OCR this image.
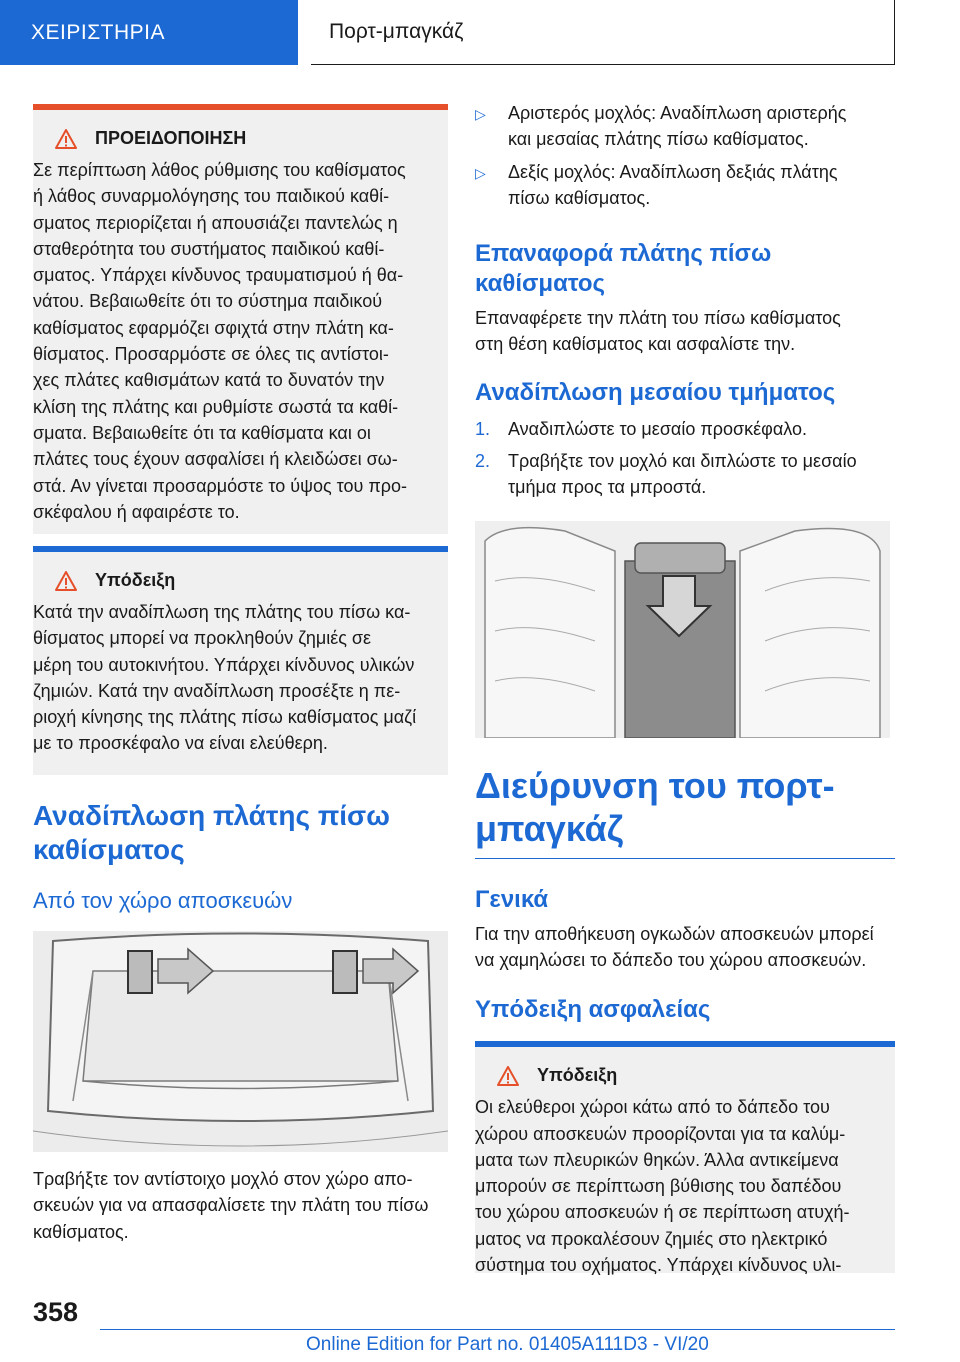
ΧΕΙΡΙΣΤΗΡΙΑ	Πορτ-μπαγκάζ
ΠΡΟΕΙΔΟΠΟΙΗΣΗ
Σε περίπτωση λάθος ρύθμισης του καθίσματος
ή λάθος συναρμολόγησης του παιδικού καθί-
σματος περιορίζεται ή απουσιάζει παντελώς η
σταθερότητα του συστήματος παιδικού καθί-
σματος. Υπάρχει κίνδυνος τραυματισμού ή θα-
νάτου. Βεβαιωθείτε ότι το σύστημα παιδικού
καθίσματος εφαρμόζει σφιχτά στην πλάτη κα-
θίσματος. Προσαρμόστε σε όλες τις αντίστοι-
χες πλάτες καθισμάτων κατά το δυνατόν την
κλίση της πλάτης και ρυθμίστε σωστά τα καθί-
σματα. Βεβαιωθείτε ότι τα καθίσματα και οι
πλάτες τους έχουν ασφαλίσει ή κλειδώσει σω-
στά. Αν γίνεται προσαρμόστε το ύψος του προ-
σκέφαλου ή αφαιρέστε το.
Υπόδειξη
Κατά την αναδίπλωση της πλάτης του πίσω κα-
θίσματος μπορεί να προκληθούν ζημιές σε
μέρη του αυτοκινήτου. Υπάρχει κίνδυνος υλικών
ζημιών. Κατά την αναδίπλωση προσέξτε η πε-
ριοχή κίνησης της πλάτης πίσω καθίσματος μαζί
με το προσκέφαλο να είναι ελεύθερη.

Αναδίπλωση πλάτης πίσω

καθίσματος

Από τον χώρο αποσκευών

Τραβήξτε τον αντίστοιχο μοχλό στον χώρο απο-
σκευών για να απασφαλίσετε την πλάτη του πίσω
καθίσματος.
▷	Αριστερός μοχλός: Αναδίπλωση αριστερής
και μεσαίας πλάτης πίσω καθίσματος.
▷	Δεξίς μοχλός: Αναδίπλωση δεξιάς πλάτης
πίσω καθίσματος.

Επαναφορά πλάτης πίσω

καθίσματος

Επαναφέρετε την πλάτη του πίσω καθίσματος
στη θέση καθίσματος και ασφαλίστε την.

Αναδίπλωση μεσαίου τμήματος

1. Αναδιπλώστε το μεσαίο προσκέφαλο.
2. Τραβήξτε τον μοχλό και διπλώστε το μεσαίο
τμήμα προς τα μπροστά.

Διεύρυνση του πορτ-

μπαγκάζ

Γενικά

Για την αποθήκευση ογκωδών αποσκευών μπορεί
να χαμηλώσει το δάπεδο του χώρου αποσκευών.

Υπόδειξη ασφαλείας

Υπόδειξη
Οι ελεύθεροι χώροι κάτω από το δάπεδο του
χώρου αποσκευών προορίζονται για τα καλύμ-
ματα των πλευρικών θηκών. Άλλα αντικείμενα
μπορούν σε περίπτωση βύθισης του δαπέδου
του χώρου αποσκευών ή σε περίπτωση ατυχή-
ματος να προκαλέσουν ζημιές στο ηλεκτρικό
σύστημα του οχήματος. Υπάρχει κίνδυνος υλι-
358
Online Edition for Part no. 01405A111D3 - VI/20
